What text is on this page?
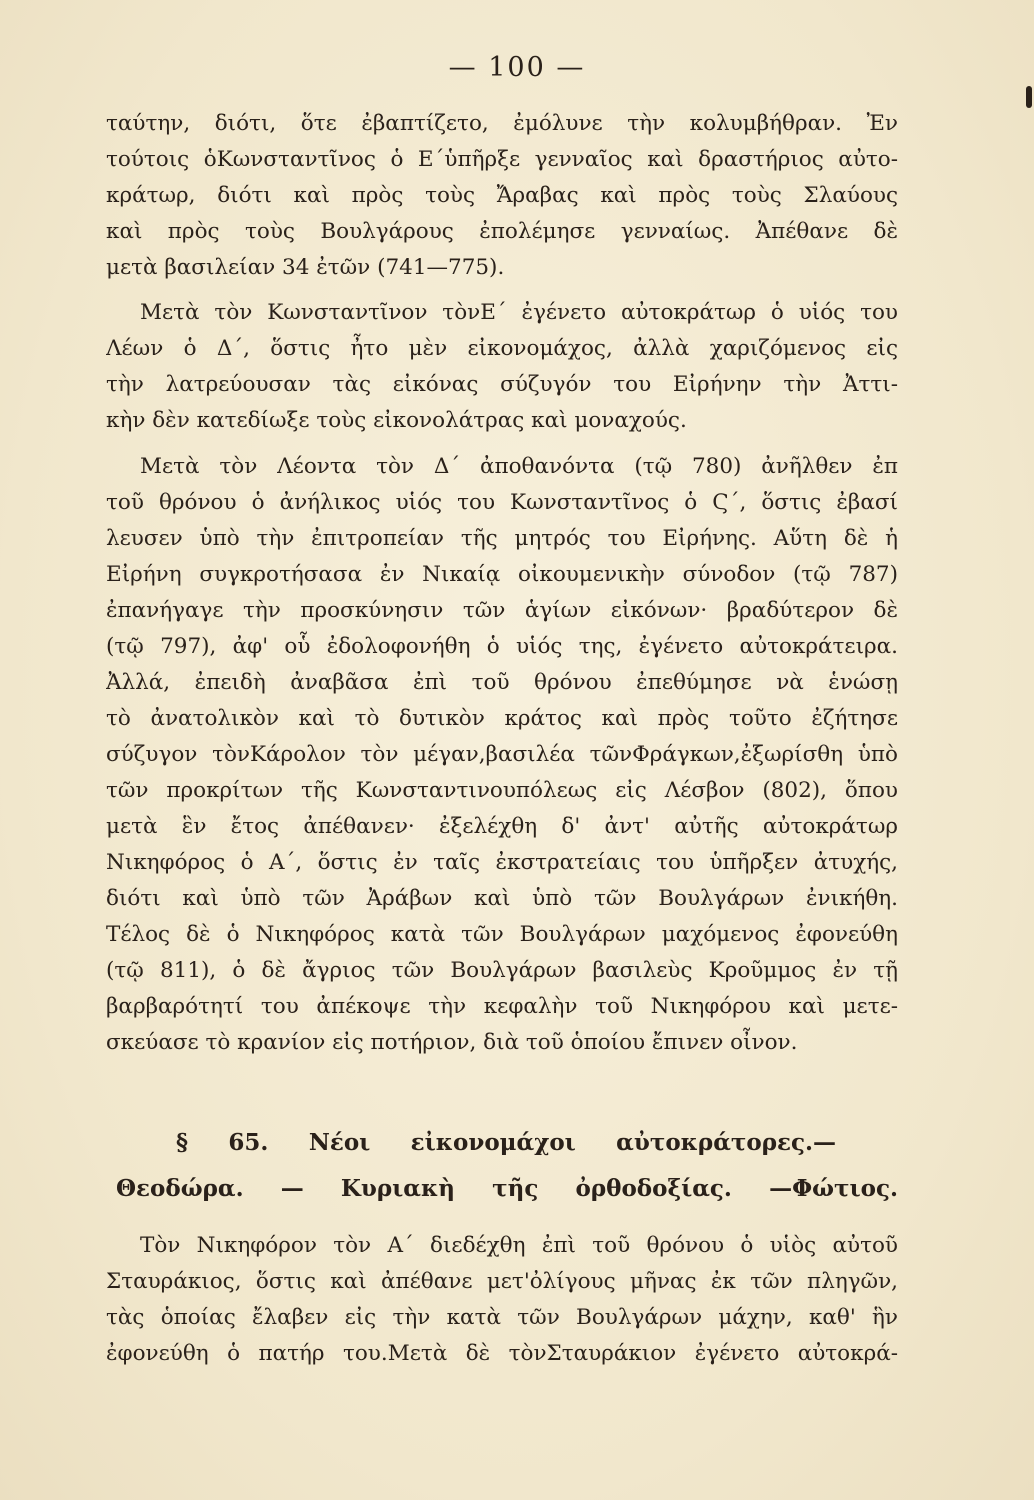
— 100 —
ταύτην, διότι, ὅτε ἐβαπτίζετο, ἐμόλυνε τὴν κολυμβήθραν. Ἐν
τούτοις ὁΚωνσταντῖνος ὁ Ε΄ὑπῆρξε γενναῖος καὶ δραστήριος αὐτο-
κράτωρ, διότι καὶ πρὸς τοὺς Ἄραβας καὶ πρὸς τοὺς Σλαύους
καὶ πρὸς τοὺς Βουλγάρους ἐπολέμησε γενναίως. Ἀπέθανε δὲ
μετὰ βασιλείαν 34 ἐτῶν (741—775).
Μετὰ τὸν Κωνσταντῖνον τὸνΕ΄ ἐγένετο αὐτοκράτωρ ὁ υἱός του
Λέων ὁ Δ΄, ὅστις ἦτο μὲν εἰκονομάχος, ἀλλὰ χαριζόμενος εἰς
τὴν λατρεύουσαν τὰς εἰκόνας σύζυγόν του Εἰρήνην τὴν Ἀττι-
κὴν δὲν κατεδίωξε τοὺς εἰκονολάτρας καὶ μοναχούς.
Μετὰ τὸν Λέοντα τὸν Δ΄ ἀποθανόντα (τῷ 780) ἀνῆλθεν ἐπ
τοῦ θρόνου ὁ ἀνήλικος υἱός του Κωνσταντῖνος ὁ Ϛ΄, ὅστις ἐβασί
λευσεν ὑπὸ τὴν ἐπιτροπείαν τῆς μητρός του Εἰρήνης. Αὕτη δὲ ἡ
Εἰρήνη συγκροτήσασα ἐν Νικαίᾳ οἰκουμενικὴν σύνοδον (τῷ 787)
ἐπανήγαγε τὴν προσκύνησιν τῶν ἁγίων εἰκόνων· βραδύτερον δὲ
(τῷ 797), ἀφ' οὗ ἐδολοφονήθη ὁ υἱός της, ἐγένετο αὐτοκράτειρα.
Ἀλλά, ἐπειδὴ ἀναβᾶσα ἐπὶ τοῦ θρόνου ἐπεθύμησε νὰ ἑνώσῃ
τὸ ἀνατολικὸν καὶ τὸ δυτικὸν κράτος καὶ πρὸς τοῦτο ἐζήτησε
σύζυγον τὸνΚάρολον τὸν μέγαν,βασιλέα τῶνΦράγκων,ἐξωρίσθη ὑπὸ
τῶν προκρίτων τῆς Κωνσταντινουπόλεως εἰς Λέσβον (802), ὅπου
μετὰ ἓν ἔτος ἀπέθανεν· ἐξελέχθη δ' ἀντ' αὐτῆς αὐτοκράτωρ
Νικηφόρος ὁ Α΄, ὅστις ἐν ταῖς ἐκστρατείαις του ὑπῆρξεν ἀτυχής,
διότι καὶ ὑπὸ τῶν Ἀράβων καὶ ὑπὸ τῶν Βουλγάρων ἐνικήθη.
Τέλος δὲ ὁ Νικηφόρος κατὰ τῶν Βουλγάρων μαχόμενος ἐφονεύθη
(τῷ 811), ὁ δὲ ἄγριος τῶν Βουλγάρων βασιλεὺς Κροῦμμος ἐν τῇ
βαρβαρότητί του ἀπέκοψε τὴν κεφαλὴν τοῦ Νικηφόρου καὶ μετε-
σκεύασε τὸ κρανίον εἰς ποτήριον, διὰ τοῦ ὁποίου ἔπινεν οἶνον.
§ 65. Νέοι εἰκονομάχοι αὐτοκράτορες.—
Θεοδώρα. — Κυριακὴ τῆς ὀρθοδοξίας. —Φώτιος.
Τὸν Νικηφόρον τὸν Α΄ διεδέχθη ἐπὶ τοῦ θρόνου ὁ υἱὸς αὐτοῦ
Σταυράκιος, ὅστις καὶ ἀπέθανε μετ'ὀλίγους μῆνας ἐκ τῶν πληγῶν,
τὰς ὁποίας ἔλαβεν εἰς τὴν κατὰ τῶν Βουλγάρων μάχην, καθ' ἣν
ἐφονεύθη ὁ πατήρ του.Μετὰ δὲ τὸνΣταυράκιον ἐγένετο αὐτοκρά-
